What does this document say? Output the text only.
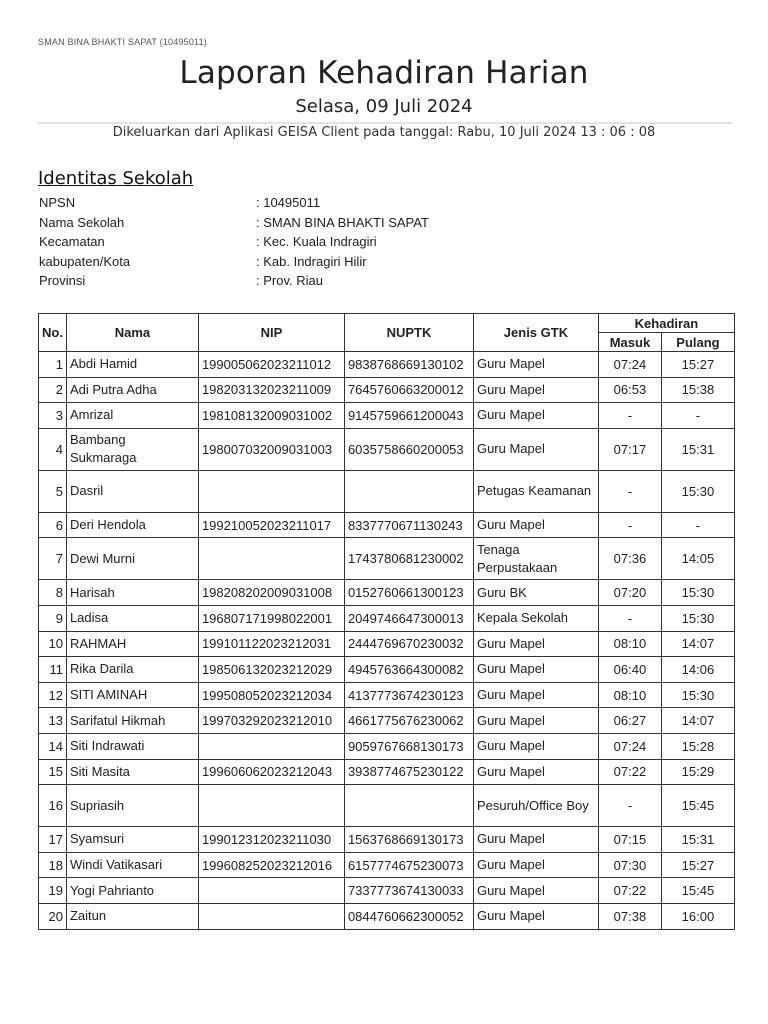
SMAN BINA BHAKTI SAPAT (10495011)
Laporan Kehadiran Harian
Selasa, 09 Juli 2024
Dikeluarkan dari Aplikasi GEISA Client pada tanggal: Rabu, 10 Juli 2024 13 : 06 : 08
Identitas Sekolah
NPSN	: 10495011
Nama Sekolah	: SMAN BINA BHAKTI SAPAT
Kecamatan	: Kec. Kuala Indragiri
kabupaten/Kota	: Kab. Indragiri Hilir
Provinsi	: Prov. Riau
No.	Nama	NIP	NUPTK	Jenis GTK	Kehadiran	
					Masuk	Pulang
1	Abdi Hamid	199005062023211012	9838768669130102	Guru Mapel	07:24	15:27
2	Adi Putra Adha	198203132023211009	7645760663200012	Guru Mapel	06:53	15:38
3	Amrizal	198108132009031002	9145759661200043	Guru Mapel	-	-
4	Bambang Sukmaraga	198007032009031003	6035758660200053	Guru Mapel	07:17	15:31
5	Dasril			Petugas Keamanan	-	15:30
6	Deri Hendola	199210052023211017	8337770671130243	Guru Mapel	-	-
7	Dewi Murni		1743780681230002	Tenaga Perpustakaan	07:36	14:05
8	Harisah	198208202009031008	0152760661300123	Guru BK	07:20	15:30
9	Ladisa	196807171998022001	2049746647300013	Kepala Sekolah	-	15:30
10	RAHMAH	199101122023212031	2444769670230032	Guru Mapel	08:10	14:07
11	Rika Darila	198506132023212029	4945763664300082	Guru Mapel	06:40	14:06
12	SITI AMINAH	199508052023212034	4137773674230123	Guru Mapel	08:10	15:30
13	Sarifatul Hikmah	199703292023212010	4661775676230062	Guru Mapel	06:27	14:07
14	Siti Indrawati		9059767668130173	Guru Mapel	07:24	15:28
15	Siti Masita	199606062023212043	3938774675230122	Guru Mapel	07:22	15:29
16	Supriasih			Pesuruh/Office Boy	-	15:45
17	Syamsuri	199012312023211030	1563768669130173	Guru Mapel	07:15	15:31
18	Windi Vatikasari	199608252023212016	6157774675230073	Guru Mapel	07:30	15:27
19	Yogi Pahrianto		7337773674130033	Guru Mapel	07:22	15:45
20	Zaitun		0844760662300052	Guru Mapel	07:38	16:00
